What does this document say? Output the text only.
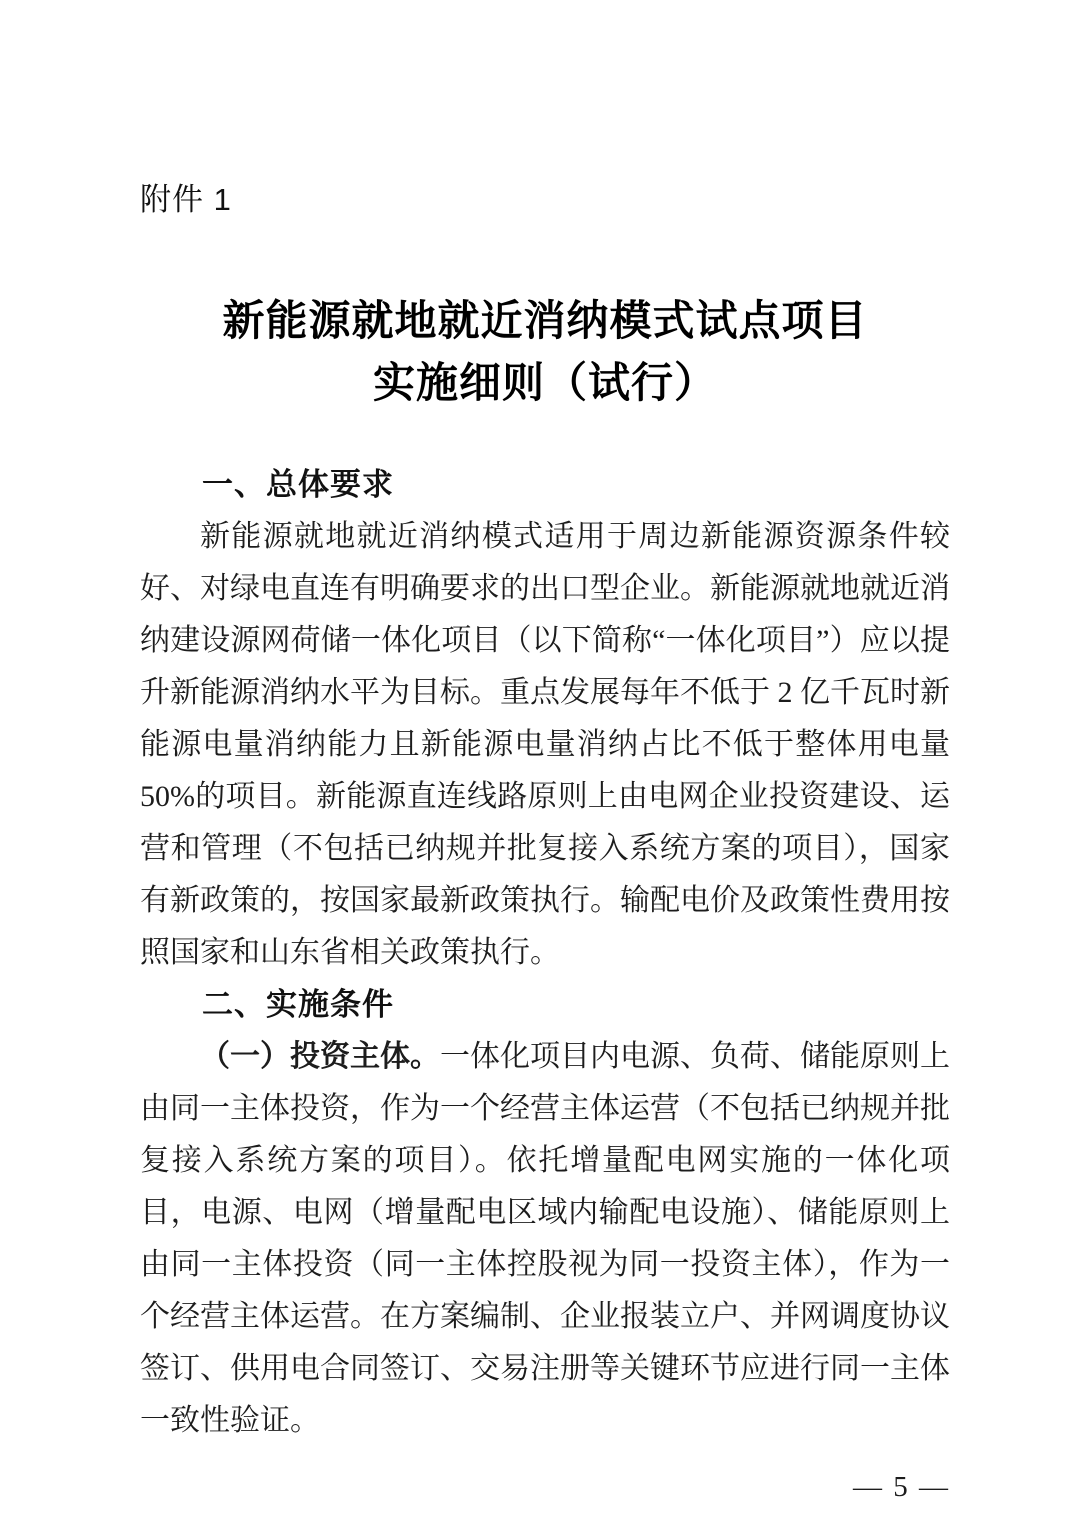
附件 1
新能源就地就近消纳模式试点项目
实施细则（试行）
一、总体要求

新能源就地就近消纳模式适用于周边新能源资源条件较好、对绿电直连有明确要求的出口型企业。新能源就地就近消纳建设源网荷储一体化项目（以下简称“一体化项目”）应以提升新能源消纳水平为目标。重点发展每年不低于 2 亿千瓦时新能源电量消纳能力且新能源电量消纳占比不低于整体用电量 50%的项目。新能源直连线路原则上由电网企业投资建设、运营和管理（不包括已纳规并批复接入系统方案的项目），国家有新政策的，按国家最新政策执行。输配电价及政策性费用按照国家和山东省相关政策执行。

二、实施条件

（一）投资主体。一体化项目内电源、负荷、储能原则上由同一主体投资，作为一个经营主体运营（不包括已纳规并批复接入系统方案的项目）。依托增量配电网实施的一体化项目，电源、电网（增量配电区域内输配电设施）、储能原则上由同一主体投资（同一主体控股视为同一投资主体），作为一个经营主体运营。在方案编制、企业报装立户、并网调度协议签订、供用电合同签订、交易注册等关键环节应进行同一主体一致性验证。

— 5 —
